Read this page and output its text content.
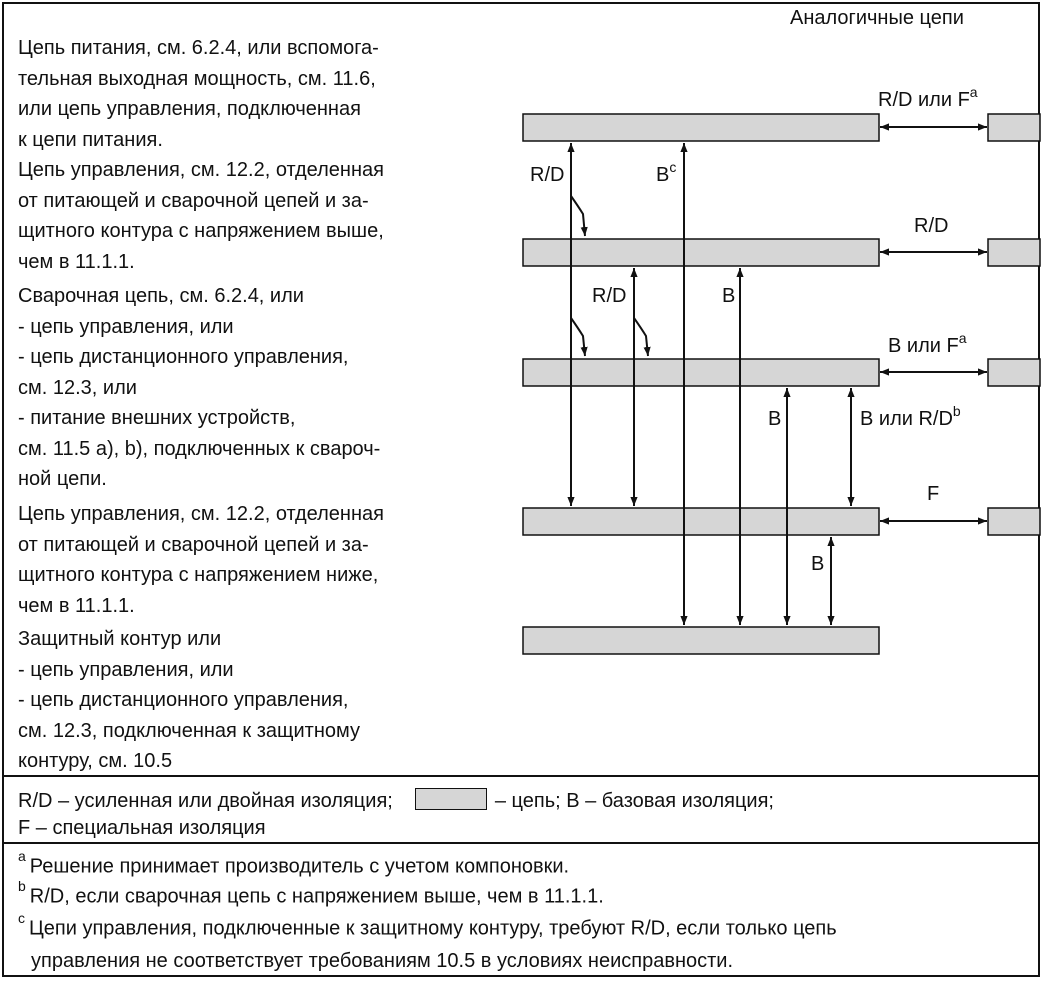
Цепь питания, см. 6.2.4, или вспомога-
тельная выходная мощность, см. 11.6,
или цепь управления, подключенная
к цепи питания.
Цепь управления, см. 12.2, отделенная
от питающей и сварочной цепей и за-
щитного контура с напряжением выше,
чем в 11.1.1.
Сварочная цепь, см. 6.2.4, или
- цепь управления, или
- цепь дистанционного управления,
см. 12.3, или
- питание внешних устройств,
см. 11.5 а), b), подключенных к свароч-
ной цепи.
Цепь управления, см. 12.2, отделенная
от питающей и сварочной цепей и за-
щитного контура с напряжением ниже,
чем в 11.1.1.
Защитный контур или
- цепь управления, или
- цепь дистанционного управления,
см. 12.3, подключенная к защитному
контуру, см. 10.5
Аналогичные цепи
R/D или $F^a$
R/D
B или $F^a$
F
R/D	$B^c$
R/D	B
B	B или $R/D^b$
B
R/D – усиленная или двойная изоляция;	– цепь; B – базовая изоляция;
F – специальная изоляция
$^a$ Решение принимает производитель с учетом компоновки.
$^b$ R/D, если сварочная цепь с напряжением выше, чем в 11.1.1.
$^c$ Цепи управления, подключенные к защитному контуру, требуют R/D, если только цепь
управления не соответствует требованиям 10.5 в условиях неисправности.
